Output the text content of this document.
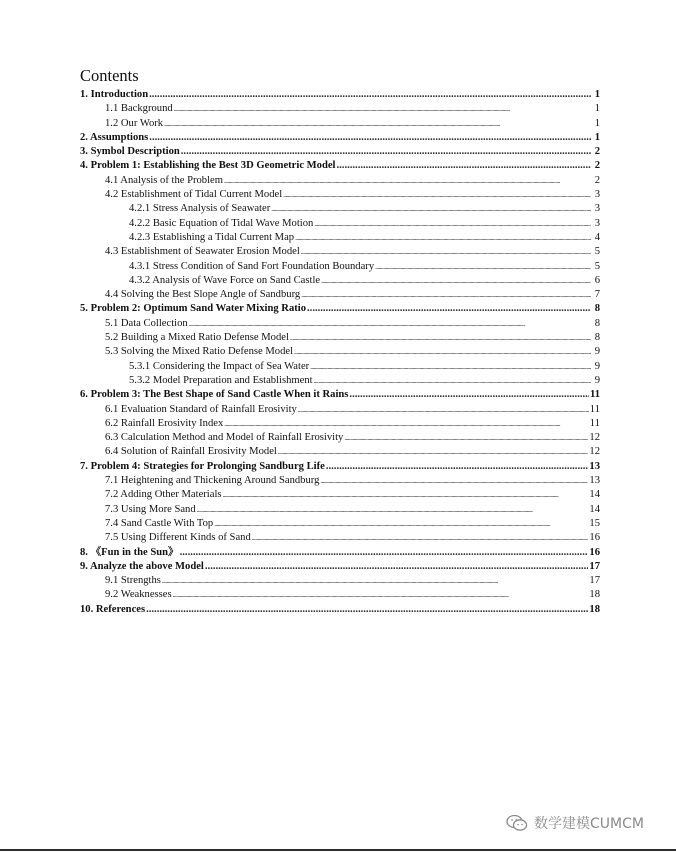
Contents
1. Introduction .....	1
1.1 Background .....	1
1.2 Our Work .....	1
2. Assumptions .....	1
3. Symbol Description .....	2
4. Problem 1: Establishing the Best 3D Geometric Model .....	2
4.1 Analysis of the Problem .....	2
4.2 Establishment of Tidal Current Model .....	3
4.2.1 Stress Analysis of Seawater .....	3
4.2.2 Basic Equation of Tidal Wave Motion .....	3
4.2.3 Establishing a Tidal Current Map .....	4
4.3 Establishment of Seawater Erosion Model .....	5
4.3.1 Stress Condition of Sand Fort Foundation Boundary .....	5
4.3.2 Analysis of Wave Force on Sand Castle .....	6
4.4 Solving the Best Slope Angle of Sandburg .....	7
5. Problem 2: Optimum Sand Water Mixing Ratio .....	8
5.1 Data Collection .....	8
5.2 Building a Mixed Ratio Defense Model .....	8
5.3 Solving the Mixed Ratio Defense Model .....	9
5.3.1 Considering the Impact of Sea Water .....	9
5.3.2 Model Preparation and Establishment .....	9
6. Problem 3: The Best Shape of Sand Castle When it Rains .....	11
6.1 Evaluation Standard of Rainfall Erosivity .....	11
6.2 Rainfall Erosivity Index .....	11
6.3 Calculation Method and Model of Rainfall Erosivity .....	12
6.4 Solution of Rainfall Erosivity Model .....	12
7. Problem 4: Strategies for Prolonging Sandburg Life .....	13
7.1 Heightening and Thickening Around Sandburg .....	13
7.2 Adding Other Materials .....	14
7.3 Using More Sand .....	14
7.4 Sand Castle With Top .....	15
7.5 Using Different Kinds of Sand .....	16
8. 《Fun in the Sun》 .....	16
9. Analyze the above Model .....	17
9.1 Strengths .....	17
9.2 Weaknesses .....	18
10. References .....	18
数学建模CUMCM
